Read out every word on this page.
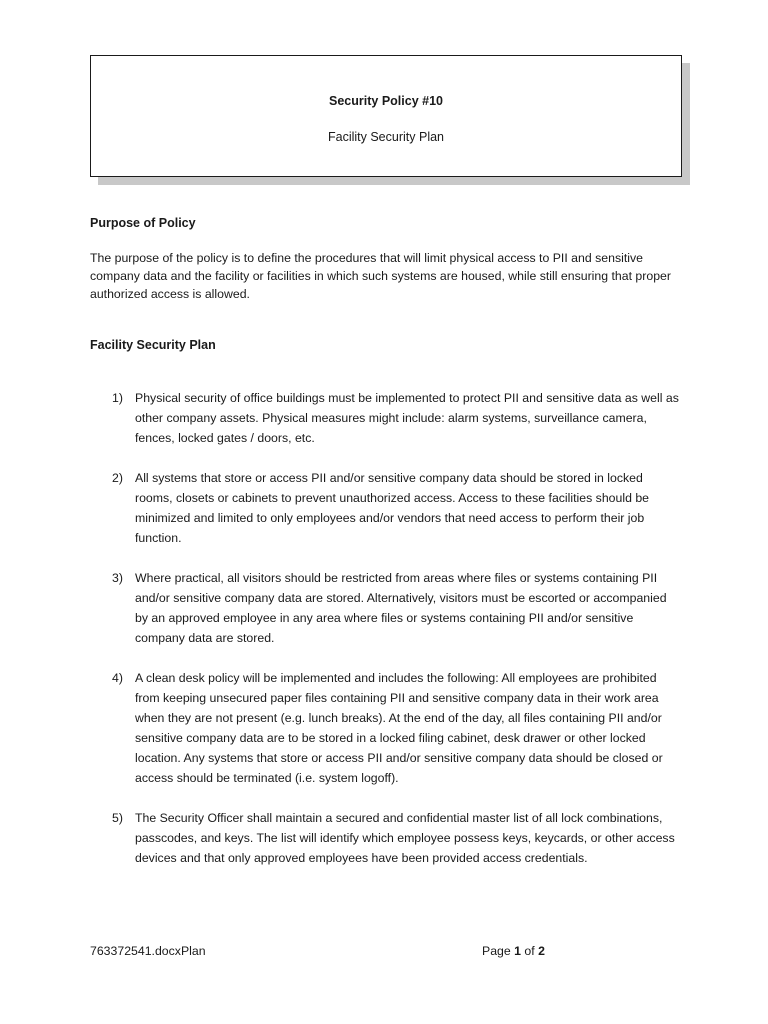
Security Policy #10
Facility Security Plan
Purpose of Policy
The purpose of the policy is to define the procedures that will limit physical access to PII and sensitive company data and the facility or facilities in which such systems are housed, while still ensuring that proper authorized access is allowed.
Facility Security Plan
1) Physical security of office buildings must be implemented to protect PII and sensitive data as well as other company assets. Physical measures might include: alarm systems, surveillance camera, fences, locked gates / doors, etc.
2) All systems that store or access PII and/or sensitive company data should be stored in locked rooms, closets or cabinets to prevent unauthorized access. Access to these facilities should be minimized and limited to only employees and/or vendors that need access to perform their job function.
3) Where practical, all visitors should be restricted from areas where files or systems containing PII and/or sensitive company data are stored. Alternatively, visitors must be escorted or accompanied by an approved employee in any area where files or systems containing PII and/or sensitive company data are stored.
4) A clean desk policy will be implemented and includes the following: All employees are prohibited from keeping unsecured paper files containing PII and sensitive company data in their work area when they are not present (e.g. lunch breaks). At the end of the day, all files containing PII and/or sensitive company data are to be stored in a locked filing cabinet, desk drawer or other locked location. Any systems that store or access PII and/or sensitive company data should be closed or access should be terminated (i.e. system logoff).
5) The Security Officer shall maintain a secured and confidential master list of all lock combinations, passcodes, and keys. The list will identify which employee possess keys, keycards, or other access devices and that only approved employees have been provided access credentials.
763372541.docxPlan	Page 1 of 2
